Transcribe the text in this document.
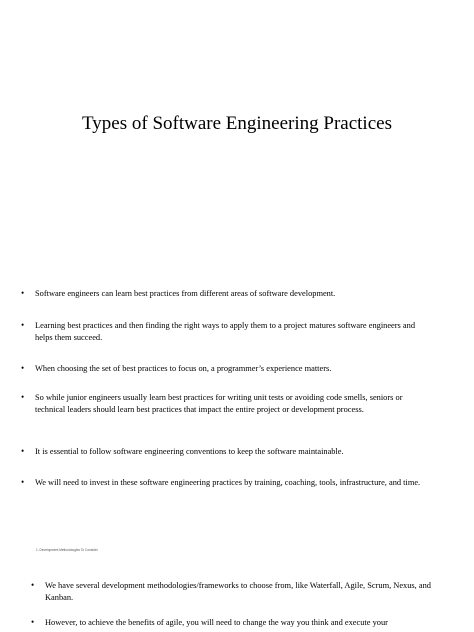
Types of Software Engineering Practices
• Software engineers can learn best practices from different areas of software development.
• Learning best practices and then finding the right ways to apply them to a project matures software engineers and helps them succeed.
• When choosing the set of best practices to focus on, a programmer’s experience matters.
• So while junior engineers usually learn best practices for writing unit tests or avoiding code smells, seniors or technical leaders should learn best practices that impact the entire project or development process.
• It is essential to follow software engineering conventions to keep the software maintainable.
• We will need to invest in these software engineering practices by training, coaching, tools, infrastructure, and time.
1. Development Methodologies To Consider
• We have several development methodologies/frameworks to choose from, like Waterfall, Agile, Scrum, Nexus, and Kanban.
• However, to achieve the benefits of agile, you will need to change the way you think and execute your
